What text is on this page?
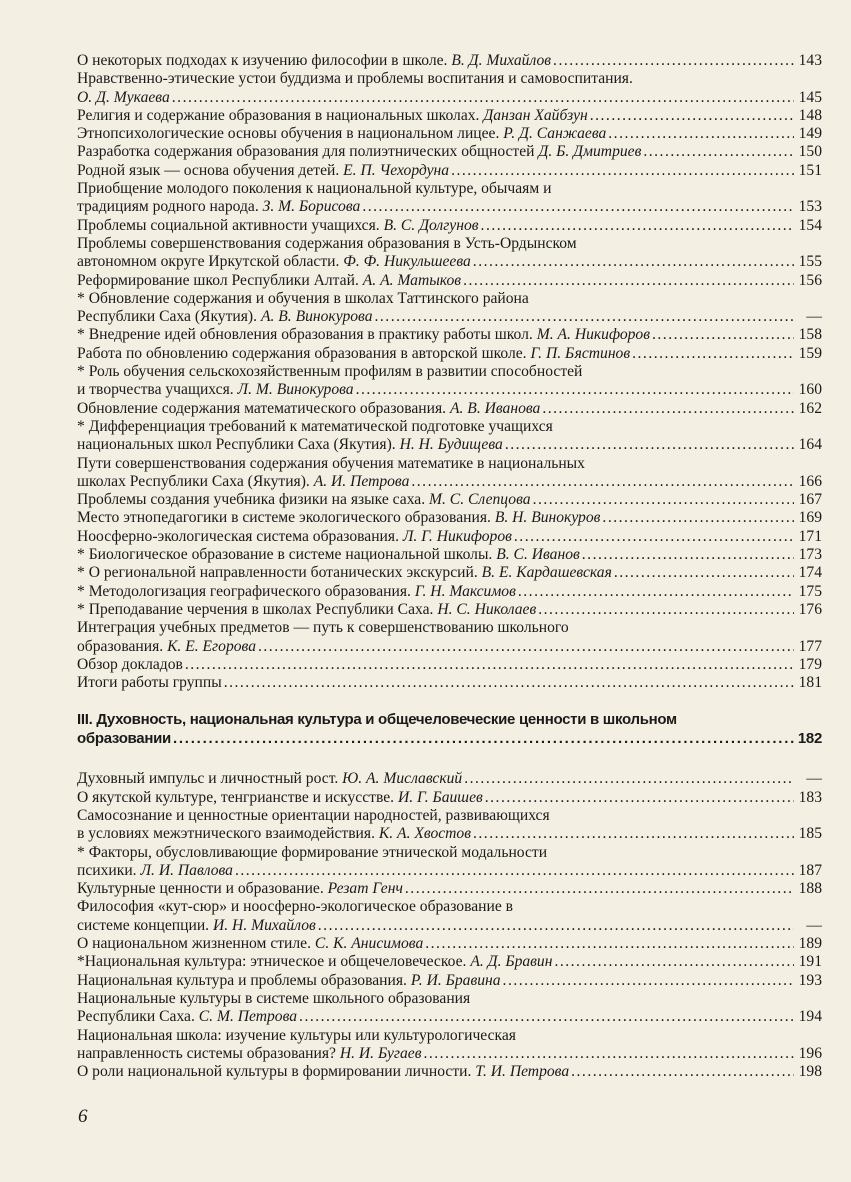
О некоторых подходах к изучению философии в школе.
В. Д. Михайлов . . .	143
Нравственно-этические устои буддизма и проблемы воспитания и самовоспитания.
О. Д. Мукаева . . .	145
Религия и содержание образования в национальных школах.
Данзан Хайбзун . . .	148
Этнопсихологические основы обучения в национальном лицее.
Р. Д. Санжаева . . .	149
Разработка содержания образования для полиэтнических общностей
Д. Б. Дмитриев . . .	150
Родной язык — основа обучения детей.
Е. П. Чехордуна . . .	151
Приобщение молодого поколения к национальной культуре, обычаям и
традициям родного народа.
З. М. Борисова . . .	153
Проблемы социальной активности учащихся.
В. С. Долгунов . . .	154
Проблемы совершенствования содержания образования в Усть-Ордынском
автономном округе Иркутской области.
Ф. Ф. Никульшеева . . .	155
Реформирование школ Республики Алтай.
А. А. Матыков . . .	156
* Обновление содержания и обучения в школах Таттинского района
Республики Саха (Якутия).
А. В. Винокурова . . .	—
* Внедрение идей обновления образования в практику работы школ.
М. А. Никифоров . . .	158
Работа по обновлению содержания образования в авторской школе.
Г. П. Бястинов . . .	159
* Роль обучения сельскохозяйственным профилям в развитии способностей
и творчества учащихся.
Л. М. Винокурова . . .	160
Обновление содержания математического образования.
А. В. Иванова . . .	162
* Дифференциация требований к математической подготовке учащихся
национальных школ Республики Саха (Якутия).
Н. Н. Будищева . . .	164
Пути совершенствования содержания обучения математике в национальных
школах Республики Саха (Якутия).
А. И. Петрова . . .	166
Проблемы создания учебника физики на языке саха.
М. С. Слепцова . . .	167
Место этнопедагогики в системе экологического образования.
В. Н. Винокуров . . .	169
Ноосферно-экологическая система образования.
Л. Г. Никифоров . . .	171
* Биологическое образование в системе национальной школы.
В. С. Иванов . . .	173
* О региональной направленности ботанических экскурсий.
В. Е. Кардашевская . . .	174
* Методологизация географического образования.
Г. Н. Максимов . . .	175
* Преподавание черчения в школах Республики Саха.
Н. С. Николаев . . .	176
Интеграция учебных предметов — путь к совершенствованию школьного
образования.
К. Е. Егорова . . .	177
Обзор докладов . . .	179
Итоги работы группы . . .	181
III. Духовность, национальная культура и общечеловеческие ценности в школьном
образовании . . .	182
Духовный импульс и личностный рост.
Ю. А. Миславский . . .	—
О якутской культуре, тенгрианстве и искусстве.
И. Г. Баишев . . .	183
Самосознание и ценностные ориентации народностей, развивающихся
в условиях межэтнического взаимодействия.
К. А. Хвостов . . .	185
* Факторы, обусловливающие формирование этнической модальности
психики.
Л. И. Павлова . . .	187
Культурные ценности и образование.
Резат Генч . . .	188
Философия «кут-сюр» и ноосферно-экологическое образование в
системе концепции.
И. Н. Михайлов . . .	—
О национальном жизненном стиле.
С. К. Анисимова . . .	189
*Национальная культура: этническое и общечеловеческое.
А. Д. Бравин . . .	191
Национальная культура и проблемы образования.
Р. И. Бравина . . .	193
Национальные культуры в системе школьного образования
Республики Саха.
С. М. Петрова . . .	194
Национальная школа: изучение культуры или культурологическая
направленность системы образования?
Н. И. Бугаев . . .	196
О роли национальной культуры в формировании личности.
Т. И. Петрова . . .	198
6
